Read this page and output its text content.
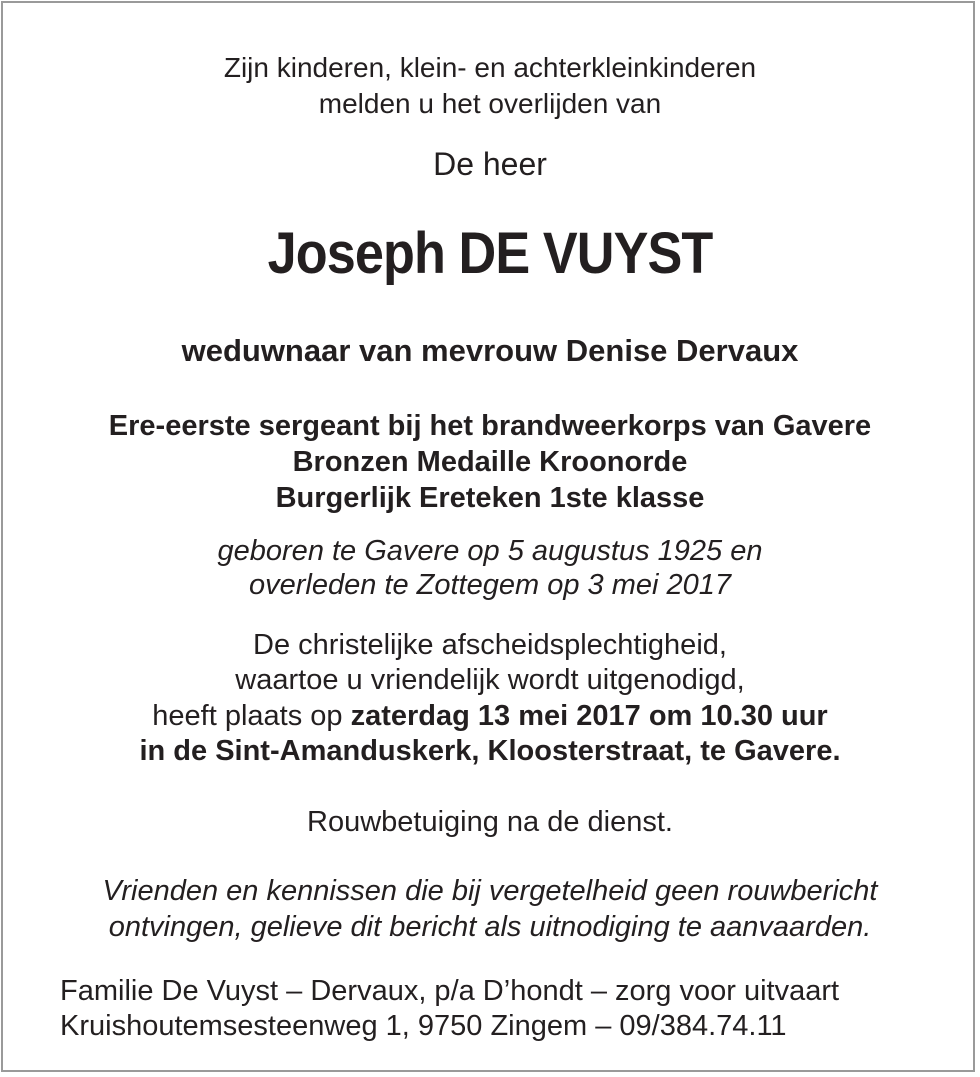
Zijn kinderen, klein- en achterkleinkinderen
melden u het overlijden van
De heer
Joseph DE VUYST
weduwnaar van mevrouw Denise Dervaux
Ere-eerste sergeant bij het brandweerkorps van Gavere
Bronzen Medaille Kroonorde
Burgerlijk Ereteken 1ste klasse
geboren te Gavere op 5 augustus 1925 en
overleden te Zottegem op 3 mei 2017
De christelijke afscheidsplechtigheid,
waartoe u vriendelijk wordt uitgenodigd,
heeft plaats op zaterdag 13 mei 2017 om 10.30 uur
in de Sint-Amanduskerk, Kloosterstraat, te Gavere.
Rouwbetuiging na de dienst.
Vrienden en kennissen die bij vergetelheid geen rouwbericht
ontvingen, gelieve dit bericht als uitnodiging te aanvaarden.
Familie De Vuyst – Dervaux, p/a D’hondt – zorg voor uitvaart
Kruishoutemsesteenweg 1, 9750 Zingem – 09/384.74.11
